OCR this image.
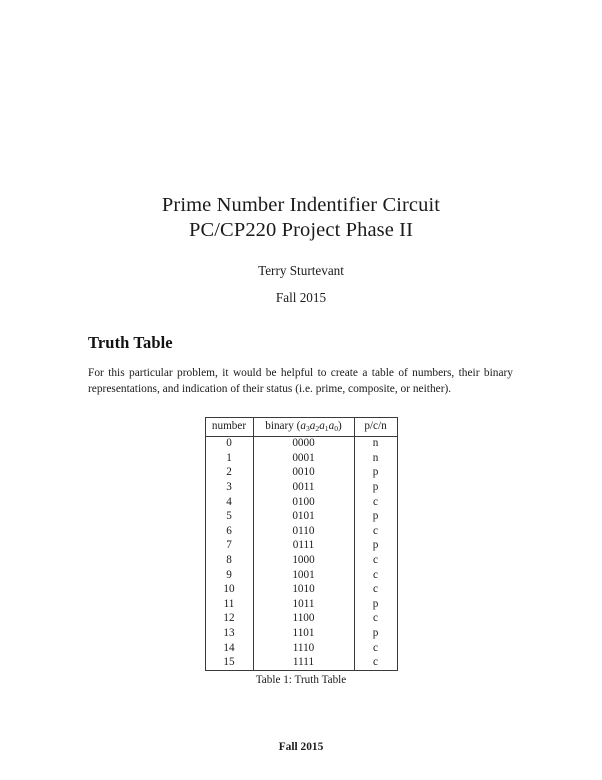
Prime Number Indentifier Circuit
PC/CP220 Project Phase II
Terry Sturtevant
Fall 2015
Truth Table
For this particular problem, it would be helpful to create a table of numbers, their binary representations, and indication of their status (i.e. prime, composite, or neither).
number	binary $(a_3a_2a_1a_0)$	p/c/n
0	0000	n
1	0001	n
2	0010	p
3	0011	p
4	0100	c
5	0101	p
6	0110	c
7	0111	p
8	1000	c
9	1001	c
10	1010	c
11	1011	p
12	1100	c
13	1101	p
14	1110	c
15	1111	c
Table 1: Truth Table
Fall 2015
